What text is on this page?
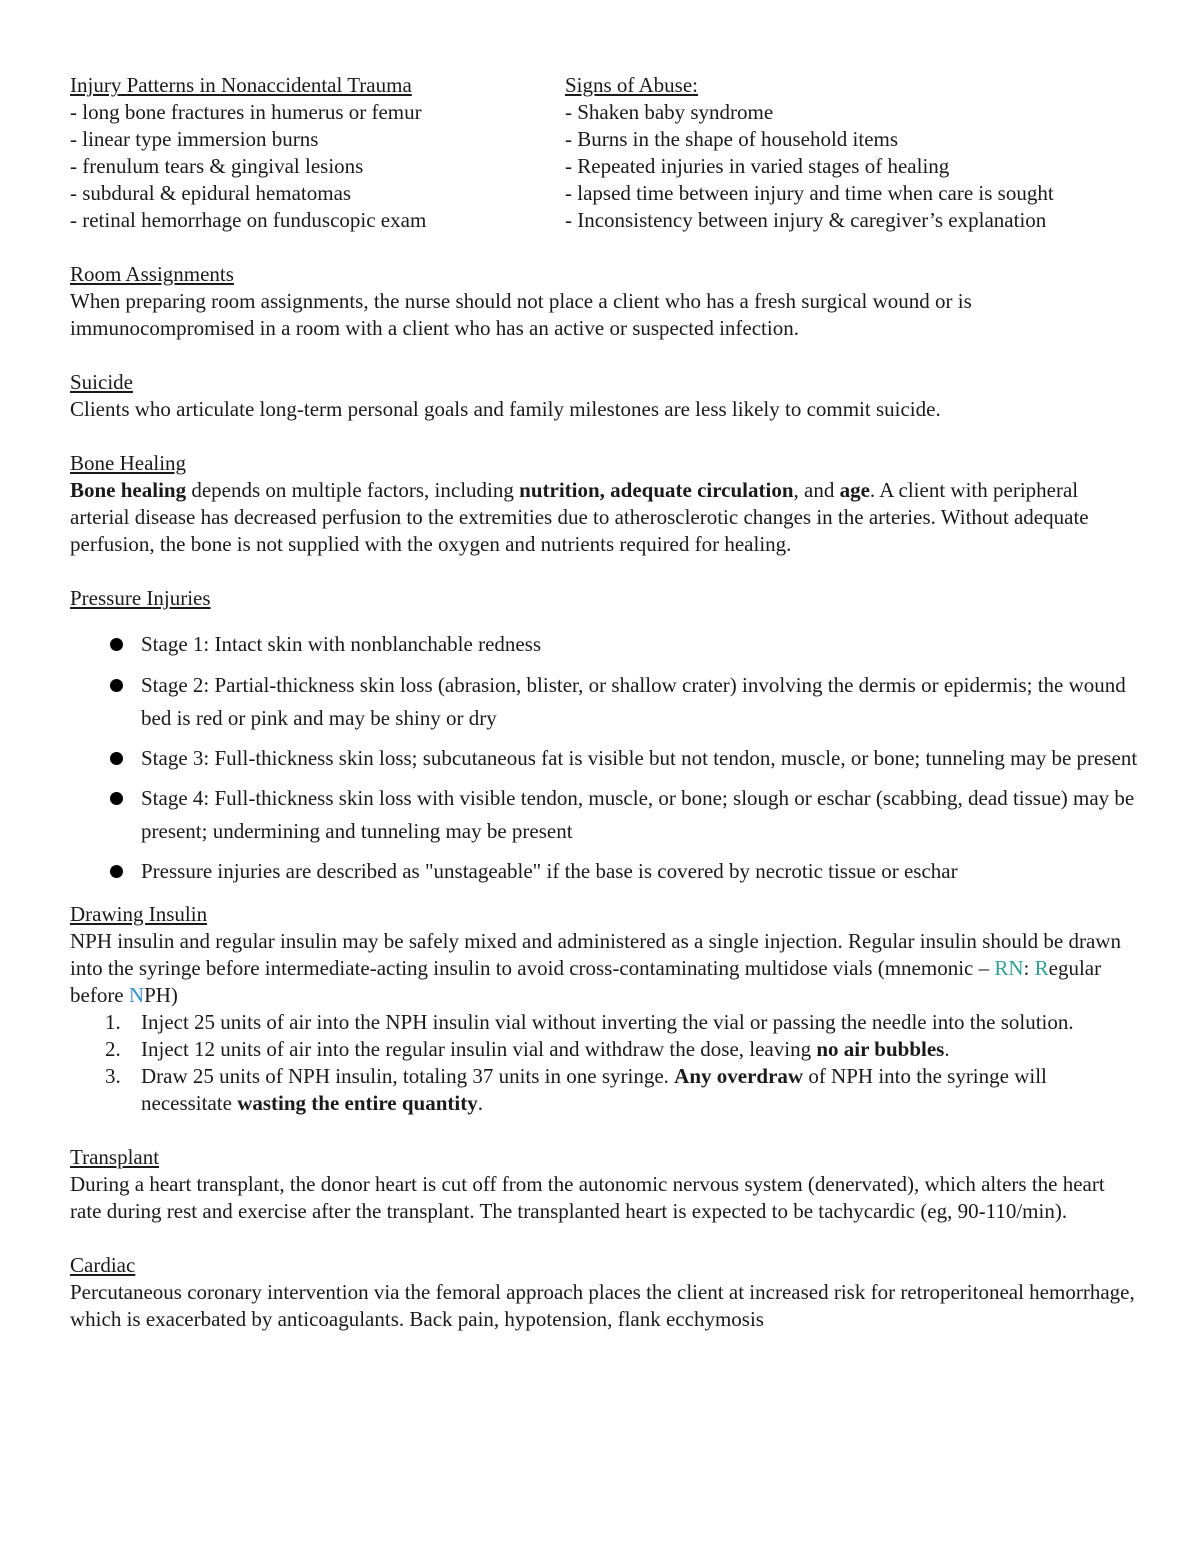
Injury Patterns in Nonaccidental Trauma
- long bone fractures in humerus or femur
- linear type immersion burns
- frenulum tears & gingival lesions
- subdural & epidural hematomas
- retinal hemorrhage on funduscopic exam
Signs of Abuse:
- Shaken baby syndrome
- Burns in the shape of household items
- Repeated injuries in varied stages of healing
- lapsed time between injury and time when care is sought
- Inconsistency between injury & caregiver’s explanation
Room Assignments

When preparing room assignments, the nurse should not place a client who has a fresh surgical wound or is immunocompromised in a room with a client who has an active or suspected infection.

Suicide

Clients who articulate long-term personal goals and family milestones are less likely to commit suicide.

Bone Healing

Bone healing depends on multiple factors, including nutrition, adequate circulation, and age. A client with peripheral arterial disease has decreased perfusion to the extremities due to atherosclerotic changes in the arteries. Without adequate perfusion, the bone is not supplied with the oxygen and nutrients required for healing.

Pressure Injuries
Stage 1: Intact skin with nonblanchable redness
Stage 2: Partial-thickness skin loss (abrasion, blister, or shallow crater) involving the dermis or epidermis; the wound bed is red or pink and may be shiny or dry
Stage 3: Full-thickness skin loss; subcutaneous fat is visible but not tendon, muscle, or bone; tunneling may be present
Stage 4: Full-thickness skin loss with visible tendon, muscle, or bone; slough or eschar (scabbing, dead tissue) may be present; undermining and tunneling may be present
Pressure injuries are described as "unstageable" if the base is covered by necrotic tissue or eschar
Drawing Insulin

NPH insulin and regular insulin may be safely mixed and administered as a single injection. Regular insulin should be drawn into the syringe before intermediate-acting insulin to avoid cross-contaminating multidose vials (mnemonic – RN: Regular before NPH)

1. Inject 25 units of air into the NPH insulin vial without inverting the vial or passing the needle into the solution.
2. Inject 12 units of air into the regular insulin vial and withdraw the dose, leaving no air bubbles.
3. Draw 25 units of NPH insulin, totaling 37 units in one syringe. Any overdraw of NPH into the syringe will necessitate wasting the entire quantity.
Transplant

During a heart transplant, the donor heart is cut off from the autonomic nervous system (denervated), which alters the heart rate during rest and exercise after the transplant. The transplanted heart is expected to be tachycardic (eg, 90-110/min).

Cardiac

Percutaneous coronary intervention via the femoral approach places the client at increased risk for retroperitoneal hemorrhage, which is exacerbated by anticoagulants. Back pain, hypotension, flank ecchymosis
